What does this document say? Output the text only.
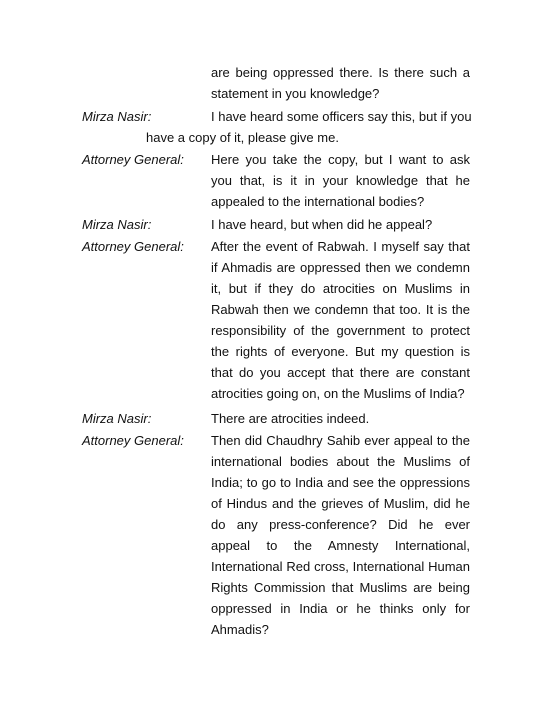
are being oppressed there. Is there such a statement in you knowledge?
Mirza Nasir:	I have heard some officers say this, but if you
have a copy of it, please give me.
Attorney General: Here you take the copy, but I want to ask you that, is it in your knowledge that he appealed to the international bodies?
Mirza Nasir:	I have heard, but when did he appeal?
Attorney General: After the event of Rabwah. I myself say that if Ahmadis are oppressed then we condemn it, but if they do atrocities on Muslims in Rabwah then we condemn that too. It is the responsibility of the government to protect the rights of everyone. But my question is that do you accept that there are constant atrocities going on, on the Muslims of India?
Mirza Nasir:	There are atrocities indeed.
Attorney General: Then did Chaudhry Sahib ever appeal to the international bodies about the Muslims of India; to go to India and see the oppressions of Hindus and the grieves of Muslim, did he do any press-conference? Did he ever appeal to the Amnesty International, International Red cross, International Human Rights Commission that Muslims are being oppressed in India or he thinks only for Ahmadis?
